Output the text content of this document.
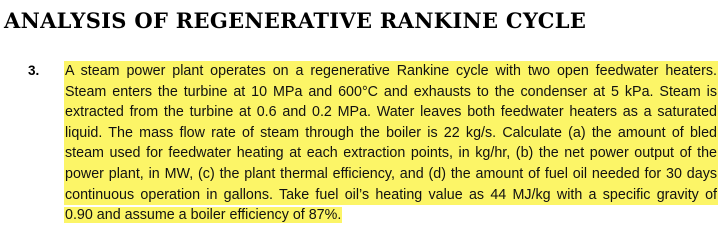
ANALYSIS OF REGENERATIVE RANKINE CYCLE
3. A steam power plant operates on a regenerative Rankine cycle with two open feedwater heaters.
Steam enters the turbine at 10 MPa and 600°C and exhausts to the condenser at 5 kPa. Steam is
extracted from the turbine at 0.6 and 0.2 MPa. Water leaves both feedwater heaters as a saturated
liquid. The mass flow rate of steam through the boiler is 22 kg/s. Calculate (a) the amount of bled
steam used for feedwater heating at each extraction points, in kg/hr, (b) the net power output of the
power plant, in MW, (c) the plant thermal efficiency, and (d) the amount of fuel oil needed for 30 days
continuous operation in gallons. Take fuel oil’s heating value as 44 MJ/kg with a specific gravity of
0.90 and assume a boiler efficiency of 87%.
